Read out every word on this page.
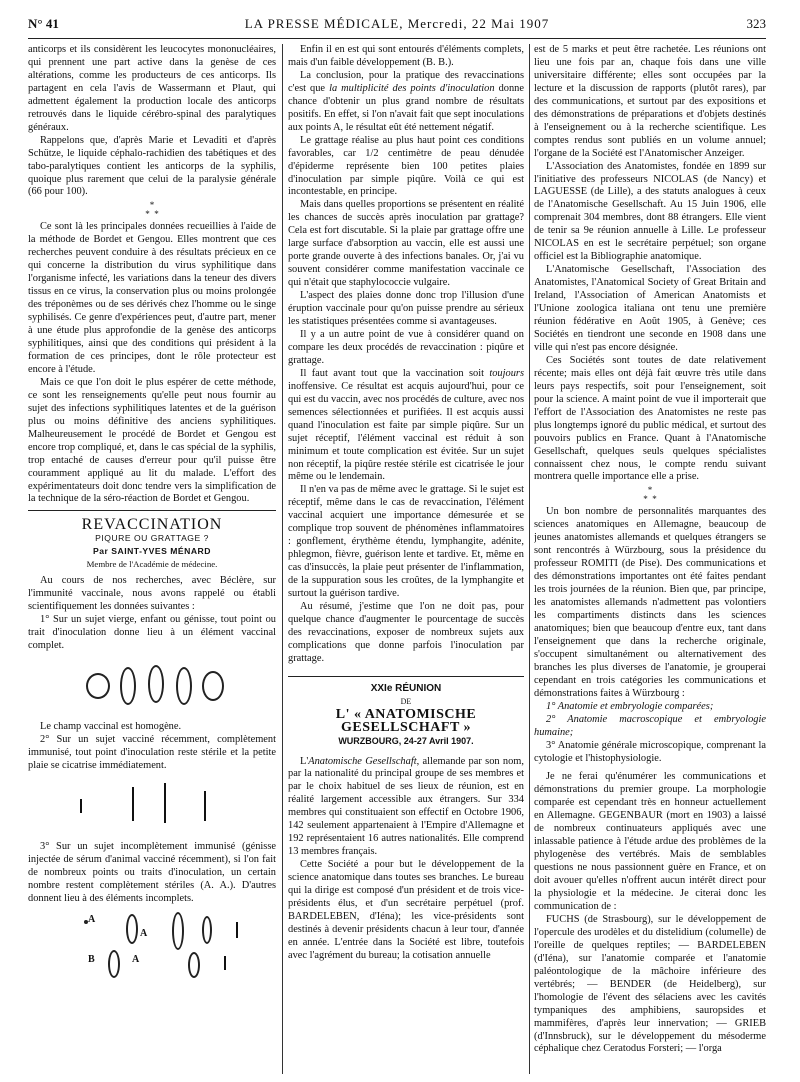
N° 41	LA PRESSE MÉDICALE, Mercredi, 22 Mai 1907	323

anticorps et ils considèrent les leucocytes mononucléaires, qui prennent une part active dans la genèse de ces altérations, comme les producteurs de ces anticorps. Ils partagent en cela l'avis de Wassermann et Plaut, qui admettent également la production locale des anticorps retrouvés dans le liquide cérébro-spinal des paralytiques généraux.

Rappelons que, d'après Marie et Levaditi et d'après Schütze, le liquide céphalo-rachidien des tabétiques et des tabo-paralytiques contient les anticorps de la syphilis, quoique plus rarement que celui de la paralysie générale (66 pour 100).

*
*  *

Ce sont là les principales données recueillies à l'aide de la méthode de Bordet et Gengou. Elles montrent que ces recherches peuvent conduire à des résultats précieux en ce qui concerne la distribution du virus syphilitique dans l'organisme infecté, les variations dans la teneur des divers tissus en ce virus, la conservation plus ou moins prolongée des tréponèmes ou de ses dérivés chez l'homme ou le singe syphilisés. Ce genre d'expériences peut, d'autre part, mener à une étude plus approfondie de la genèse des anticorps syphilitiques, ainsi que des conditions qui président à la formation de ces principes, dont le rôle protecteur est encore à l'étude.

Mais ce que l'on doit le plus espérer de cette méthode, ce sont les renseignements qu'elle peut nous fournir au sujet des infections syphilitiques latentes et de la guérison plus ou moins définitive des anciens syphilitiques. Malheureusement le procédé de Bordet et Gengou est encore trop compliqué, et, dans le cas spécial de la syphilis, trop entaché de causes d'erreur pour qu'il puisse être couramment appliqué au lit du malade. L'effort des expérimentateurs doit donc tendre vers la simplification de la technique de la séro-réaction de Bordet et Gengou.

REVACCINATION
PIQURE OU GRATTAGE ?
Par SAINT-YVES MÉNARD
Membre de l'Académie de médecine.

Au cours de nos recherches, avec Béclère, sur l'immunité vaccinale, nous avons rappelé ou établi scientifiquement les données suivantes :

1° Sur un sujet vierge, enfant ou génisse, tout point ou trait d'inoculation donne lieu à un élément vaccinal complet.

Le champ vaccinal est homogène.

2° Sur un sujet vacciné récemment, complètement immunisé, tout point d'inoculation reste stérile et la petite plaie se cicatrise immédiatement.

3° Sur un sujet incomplètement immunisé (génisse injectée de sérum d'animal vacciné récemment), si l'on fait de nombreux points ou traits d'inoculation, un certain nombre restent complètement stériles (A. A.). D'autres donnent lieu à des éléments incomplets.

A
A
B	A

Enfin il en est qui sont entourés d'éléments complets, mais d'un faible développement (B. B.).

La conclusion, pour la pratique des revaccinations c'est que la multiplicité des points d'inoculation donne chance d'obtenir un plus grand nombre de résultats positifs. En effet, si l'on n'avait fait que sept inoculations aux points A, le résultat eût été nettement négatif.

Le grattage réalise au plus haut point ces conditions favorables, car 1/2 centimètre de peau dénudée d'épiderme représente bien 100 petites plaies d'inoculation par simple piqûre. Voilà ce qui est incontestable, en principe.

Mais dans quelles proportions se présentent en réalité les chances de succès après inoculation par grattage? Cela est fort discutable. Si la plaie par grattage offre une large surface d'absorption au vaccin, elle est aussi une porte grande ouverte à des infections banales. Or, j'ai vu souvent considérer comme manifestation vaccinale ce qui n'était que staphylococcie vulgaire.

L'aspect des plaies donne donc trop l'illusion d'une éruption vaccinale pour qu'on puisse prendre au sérieux les statistiques présentées comme si avantageuses.

Il y a un autre point de vue à considérer quand on compare les deux procédés de revaccination : piqûre et grattage.

Il faut avant tout que la vaccination soit toujours inoffensive. Ce résultat est acquis aujourd'hui, pour ce qui est du vaccin, avec nos procédés de culture, avec nos semences sélectionnées et purifiées. Il est acquis aussi quand l'inoculation est faite par simple piqûre. Sur un sujet réceptif, l'élément vaccinal est réduit à son minimum et toute complication est évitée. Sur un sujet non réceptif, la piqûre restée stérile est cicatrisée le jour même ou le lendemain.

Il n'en va pas de même avec le grattage. Si le sujet est réceptif, même dans le cas de revaccination, l'élément vaccinal acquiert une importance démesurée et se complique trop souvent de phénomènes inflammatoires : gonflement, érythème étendu, lymphangite, adénite, phlegmon, fièvre, guérison lente et tardive. Et, même en cas d'insuccès, la plaie peut présenter de l'inflammation, de la suppuration sous les croûtes, de la lymphangite et surtout la guérison tardive.

Au résumé, j'estime que l'on ne doit pas, pour quelque chance d'augmenter le pourcentage de succès des revaccinations, exposer de nombreux sujets aux complications que donne parfois l'inoculation par grattage.

XXIe RÉUNION
DE
L' « ANATOMISCHE GESELLSCHAFT »
WURZBOURG, 24-27 Avril 1907.

L'Anatomische Gesellschaft, allemande par son nom, par la nationalité du principal groupe de ses membres et par le choix habituel de ses lieux de réunion, est en réalité largement accessible aux étrangers. Sur 334 membres qui constituaient son effectif en Octobre 1906, 142 seulement appartenaient à l'Empire d'Allemagne et 192 représentaient 16 autres nationalités. Elle comprend 13 membres français.

Cette Société a pour but le développement de la science anatomique dans toutes ses branches. Le bureau qui la dirige est composé d'un président et de trois vice-présidents élus, et d'un secrétaire perpétuel (prof. BARDELEBEN, d'Iéna); les vice-présidents sont destinés à devenir présidents chacun à leur tour, d'année en année. L'entrée dans la Société est libre, toutefois avec l'agrément du bureau; la cotisation annuelle

est de 5 marks et peut être rachetée. Les réunions ont lieu une fois par an, chaque fois dans une ville universitaire différente; elles sont occupées par la lecture et la discussion de rapports (plutôt rares), par des communications, et surtout par des expositions et des démonstrations de préparations et d'objets destinés à l'enseignement ou à la recherche scientifique. Les comptes rendus sont publiés en un volume annuel; l'organe de la Société est l'Anatomischer Anzeiger.

L'Association des Anatomistes, fondée en 1899 sur l'initiative des professeurs NICOLAS (de Nancy) et LAGUESSE (de Lille), a des statuts analogues à ceux de l'Anatomische Gesellschaft. Au 15 Juin 1906, elle comprenait 304 membres, dont 88 étrangers. Elle vient de tenir sa 9e réunion annuelle à Lille. Le professeur NICOLAS en est le secrétaire perpétuel; son organe officiel est la Bibliographie anatomique.

L'Anatomische Gesellschaft, l'Association des Anatomistes, l'Anatomical Society of Great Britain and Ireland, l'Association of American Anatomists et l'Unione zoologica italiana ont tenu une première réunion fédérative en Août 1905, à Genève; ces Sociétés en tiendront une seconde en 1908 dans une ville qui n'est pas encore désignée.

Ces Sociétés sont toutes de date relativement récente; mais elles ont déjà fait œuvre très utile dans leurs pays respectifs, soit pour l'enseignement, soit pour la science. A maint point de vue il importerait que l'effort de l'Association des Anatomistes ne reste pas plus longtemps ignoré du public médical, et surtout des pouvoirs publics en France. Quant à l'Anatomische Gesellschaft, quelques seuls quelques spécialistes connaissent chez nous, le compte rendu suivant montrera quelle importance elle a prise.

*
*  *

Un bon nombre de personnalités marquantes des sciences anatomiques en Allemagne, beaucoup de jeunes anatomistes allemands et quelques étrangers se sont rencontrés à Würzbourg, sous la présidence du professeur ROMITI (de Pise). Des communications et des démonstrations importantes ont été faites pendant les trois journées de la réunion. Bien que, par principe, les anatomistes allemands n'admettent pas volontiers les compartiments distincts dans les sciences anatomiques; bien que beaucoup d'entre eux, tant dans l'enseignement que dans la recherche originale, s'occupent simultanément ou alternativement des branches les plus diverses de l'anatomie, je grouperai cependant en trois catégories les communications et démonstrations faites à Würzbourg :

1° Anatomie et embryologie comparées;

2° Anatomie macroscopique et embryologie humaine;

3° Anatomie générale microscopique, comprenant la cytologie et l'histophysiologie.

Je ne ferai qu'énumérer les communications et démonstrations du premier groupe. La morphologie comparée est cependant très en honneur actuellement en Allemagne. GEGENBAUR (mort en 1903) a laissé de nombreux continuateurs appliqués avec une inlassable patience à l'étude ardue des problèmes de la phylogenèse des vertébrés. Mais de semblables questions ne nous passionnent guère en France, et on doit avouer qu'elles n'offrent aucun intérêt direct pour la physiologie et la médecine. Je citerai donc les communication de :

FUCHS (de Strasbourg), sur le développement de l'opercule des urodèles et du distelidium (columelle) de l'oreille de quelques reptiles; — BARDELEBEN (d'Iéna), sur l'anatomie comparée et l'anatomie paléontologique de la mâchoire inférieure des vertébrés; — BENDER (de Heidelberg), sur l'homologie de l'évent des sélaciens avec les cavités tympaniques des amphibiens, sauropsides et mammifères, d'après leur innervation; — GRIEB (d'Innsbruck), sur le développement du mésoderme céphalique chez Ceratodus Forsteri; — l'orga
